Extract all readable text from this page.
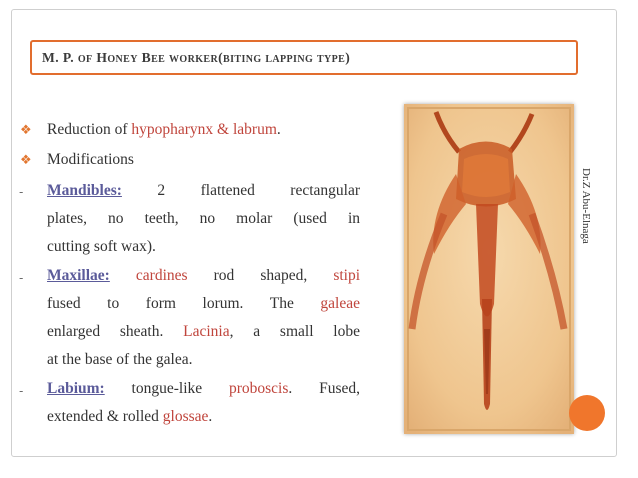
M. P. of Honey Bee worker(biting lapping type)
❖ Reduction of hypopharynx & labrum.
❖ Modifications
- Mandibles: 2 flattened rectangular
plates, no teeth, no molar (used in
cutting soft wax).
- Maxillae: cardines rod shaped, stipi
fused to form lorum. The galeae
enlarged sheath. Lacinia, a small lobe
at the base of the galea.
- Labium: tongue-like proboscis. Fused,
extended & rolled glossae.
Dr.Z Abu-Elnaga
